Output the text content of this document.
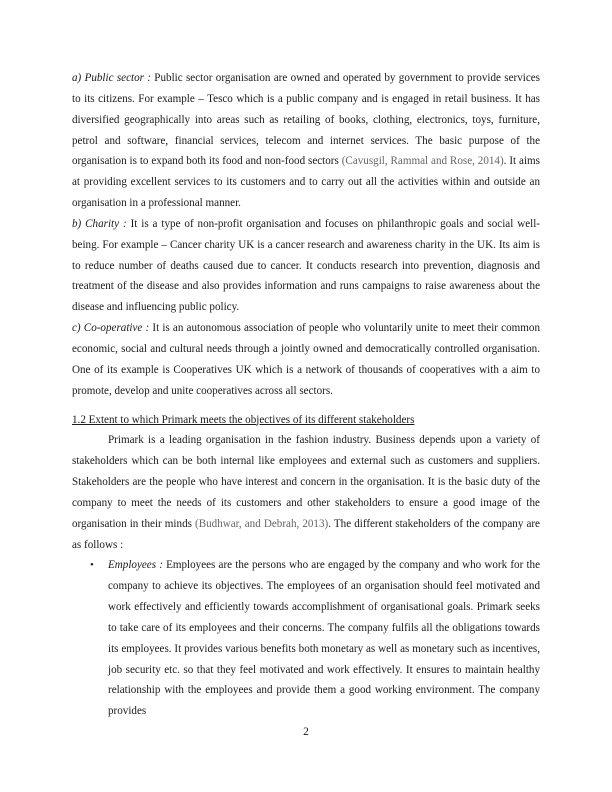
a) Public sector : Public sector organisation are owned and operated by government to provide services to its citizens. For example – Tesco which is a public company and is engaged in retail business. It has diversified geographically into areas such as retailing of books, clothing, electronics, toys, furniture, petrol and software, financial services, telecom and internet services. The basic purpose of the organisation is to expand both its food and non-food sectors (Cavusgil, Rammal and Rose, 2014). It aims at providing excellent services to its customers and to carry out all the activities within and outside an organisation in a professional manner.

b) Charity : It is a type of non-profit organisation and focuses on philanthropic goals and social well-being. For example – Cancer charity UK is a cancer research and awareness charity in the UK. Its aim is to reduce number of deaths caused due to cancer. It conducts research into prevention, diagnosis and treatment of the disease and also provides information and runs campaigns to raise awareness about the disease and influencing public policy.

c) Co-operative : It is an autonomous association of people who voluntarily unite to meet their common economic, social and cultural needs through a jointly owned and democratically controlled organisation. One of its example is Cooperatives UK which is a network of thousands of cooperatives with a aim to promote, develop and unite cooperatives across all sectors.

1.2 Extent to which Primark meets the objectives of its different stakeholders

Primark is a leading organisation in the fashion industry. Business depends upon a variety of stakeholders which can be both internal like employees and external such as customers and suppliers. Stakeholders are the people who have interest and concern in the organisation. It is the basic duty of the company to meet the needs of its customers and other stakeholders to ensure a good image of the organisation in their minds (Budhwar, and Debrah, 2013). The different stakeholders of the company are as follows :

• Employees : Employees are the persons who are engaged by the company and who work for the company to achieve its objectives. The employees of an organisation should feel motivated and work effectively and efficiently towards accomplishment of organisational goals. Primark seeks to take care of its employees and their concerns. The company fulfils all the obligations towards its employees. It provides various benefits both monetary as well as monetary such as incentives, job security etc. so that they feel motivated and work effectively. It ensures to maintain healthy relationship with the employees and provide them a good working environment. The company provides
2
